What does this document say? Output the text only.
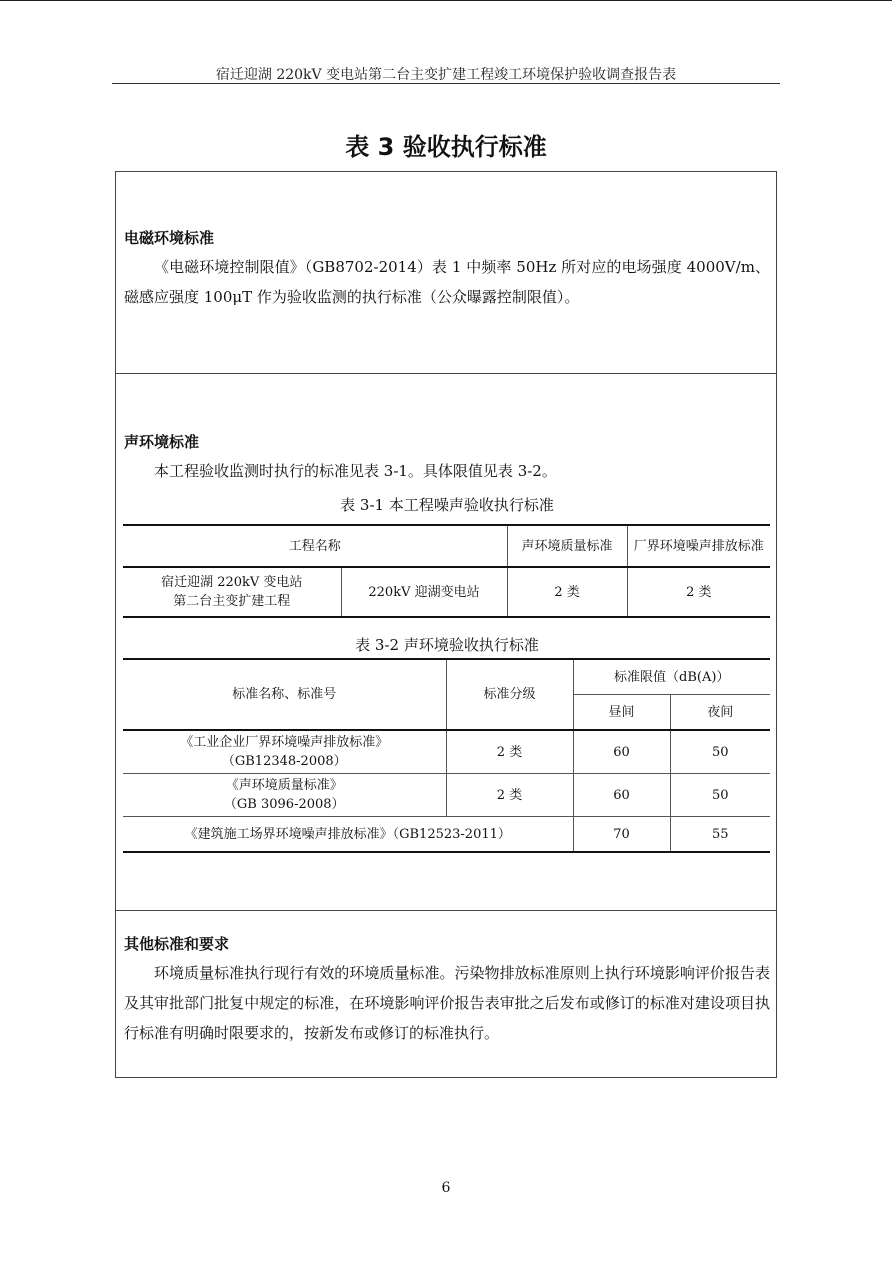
宿迁迎湖 220kV 变电站第二台主变扩建工程竣工环境保护验收调查报告表
表 3 验收执行标准
电磁环境标准
《电磁环境控制限值》（GB8702-2014）表 1 中频率 50Hz 所对应的电场强度 4000V/m、磁感应强度 100μT 作为验收监测的执行标准（公众曝露控制限值）。
声环境标准
本工程验收监测时执行的标准见表 3-1。具体限值见表 3-2。
表 3-1 本工程噪声验收执行标准
工程名称		声环境质量标准	厂界环境噪声排放标准

宿迁迎湖 220kV 变电站
第二台主变扩建工程	220kV 迎湖变电站	2 类	2 类
表 3-2 声环境验收执行标准
标准名称、标准号	标准分级	标准限值（dB(A)）	
		昼间	夜间

《工业企业厂界环境噪声排放标准》
（GB12348-2008）	2 类	60	50

《声环境质量标准》
（GB 3096-2008）	2 类	60	50
《建筑施工场界环境噪声排放标准》（GB12523-2011）		70	55
其他标准和要求
环境质量标准执行现行有效的环境质量标准。污染物排放标准原则上执行环境影响评价报告表及其审批部门批复中规定的标准，在环境影响评价报告表审批之后发布或修订的标准对建设项目执行标准有明确时限要求的，按新发布或修订的标准执行。
6
